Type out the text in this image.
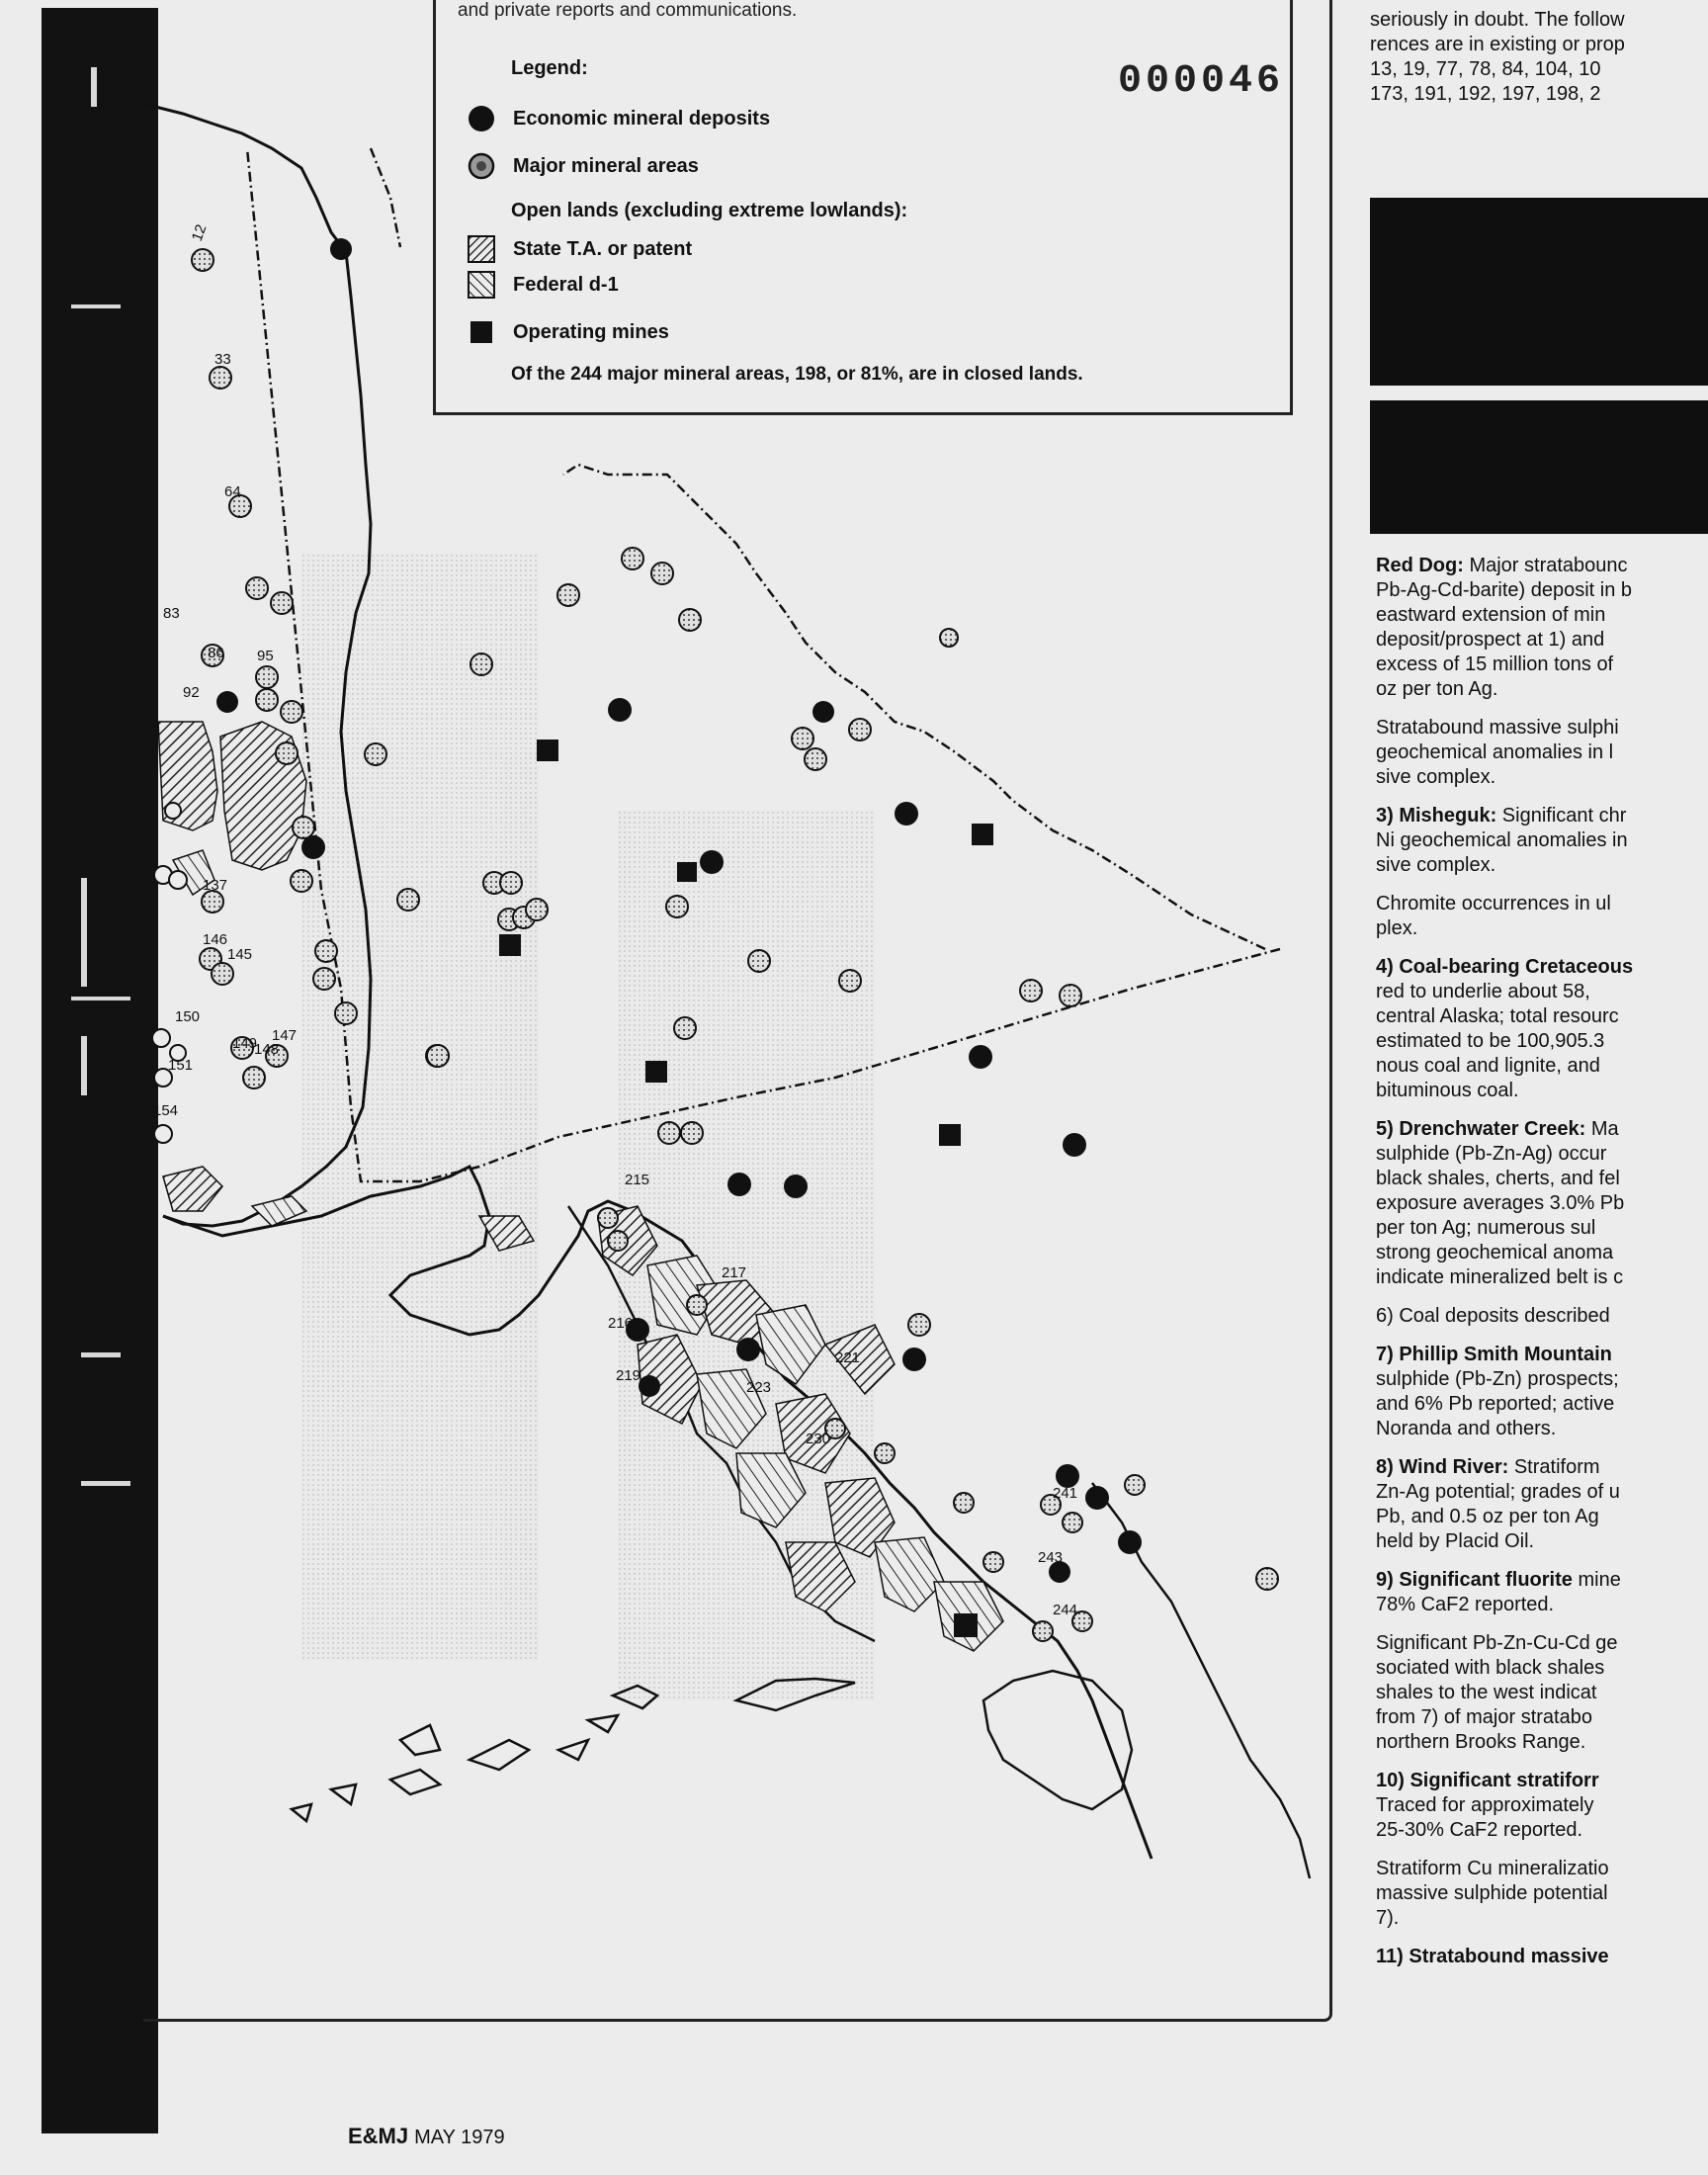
12
33
64
83
86
92
95
137
145
146
147
148
149
150
151
154
215
216
217
219
221
223
230
241
243
244
and private reports and communications.
Legend:	000046
Economic mineral deposits
Major mineral areas
Open lands (excluding extreme lowlands):
State T.A. or patent
Federal d-1
Operating mines
Of the 244 major mineral areas, 198, or 81%, are in closed lands.
seriously in doubt. The follow
rences are in existing or prop
13, 19, 77, 78, 84, 104, 10
173, 191, 192, 197, 198, 2
Red Dog: Major stratabounc
Pb-Ag-Cd-barite) deposit in b
eastward extension of min
deposit/prospect at 1) and
excess of 15 million tons of
oz per ton Ag.
Stratabound massive sulphi
geochemical anomalies in l
sive complex.
3) Misheguk: Significant chr
Ni geochemical anomalies in
sive complex.
Chromite occurrences in ul
plex.
4) Coal-bearing Cretaceous
red to underlie about 58,
central Alaska; total resourc
estimated to be 100,905.3
nous coal and lignite, and
bituminous coal.
5) Drenchwater Creek: Ma
sulphide (Pb-Zn-Ag) occur
black shales, cherts, and fel
exposure averages 3.0% Pb
per ton Ag; numerous sul
strong geochemical anoma
indicate mineralized belt is c
6) Coal deposits described
7) Phillip Smith Mountain
sulphide (Pb-Zn) prospects;
and 6% Pb reported; active
Noranda and others.
8) Wind River: Stratiform
Zn-Ag potential; grades of u
Pb, and 0.5 oz per ton Ag
held by Placid Oil.
9) Significant fluorite mine
78% CaF2 reported.
Significant Pb-Zn-Cu-Cd ge
sociated with black shales
shales to the west indicat
from 7) of major stratabo
northern Brooks Range.
10) Significant stratiforr
Traced for approximately
25-30% CaF2 reported.
Stratiform Cu mineralizatio
massive sulphide potential
7).
11) Stratabound massive
E&MJ MAY 1979
